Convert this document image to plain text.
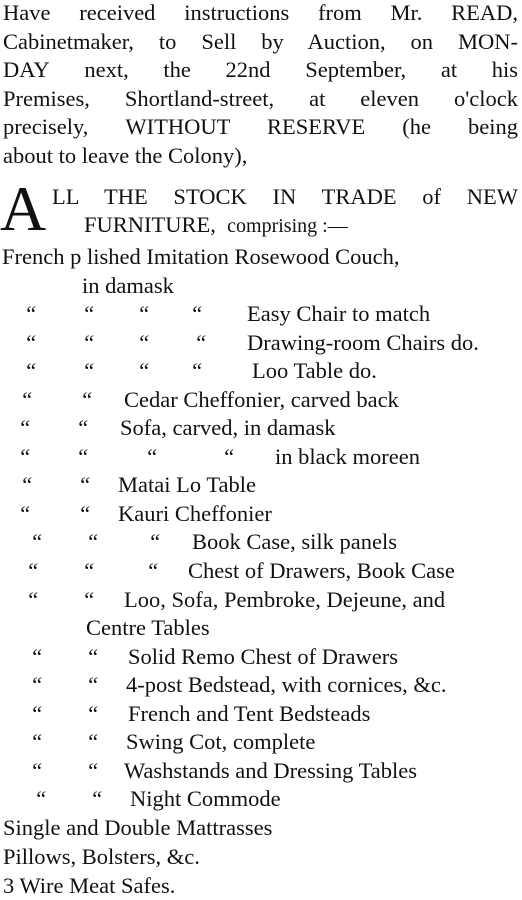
Have received instructions from Mr. READ,
Cabinetmaker, to Sell by Auction, on MON-
DAY next, the 22nd September, at his
Premises, Shortland-street, at eleven o'clock
precisely, WITHOUT RESERVE (he being
about to leave the Colony),
A LL THE STOCK IN TRADE of NEW
FURNITURE, comprising :—
French p lished Imitation Rosewood Couch,
in damask
“ “ “ “ Easy Chair to match
“ “ “ “ Drawing-room Chairs do.
“ “ “ “ Loo Table do.
“ “ Cedar Cheffonier, carved back
“ “ Sofa, carved, in damask
“ “	“	“ in black moreen
“ “ Matai Lo Table
“ “ Kauri Cheffonier
“ “ “ Book Case, silk panels
“ “ “ Chest of Drawers, Book Case
“ “ Loo, Sofa, Pembroke, Dejeune, and
Centre Tables
“ “ Solid Remo Chest of Drawers
“ “ 4-post Bedstead, with cornices, &c.
“ “ French and Tent Bedsteads
“ “ Swing Cot, complete
“ “ Washstands and Dressing Tables
“ “ Night Commode
Single and Double Mattrasses
Pillows, Bolsters, &c.
3 Wire Meat Safes.
